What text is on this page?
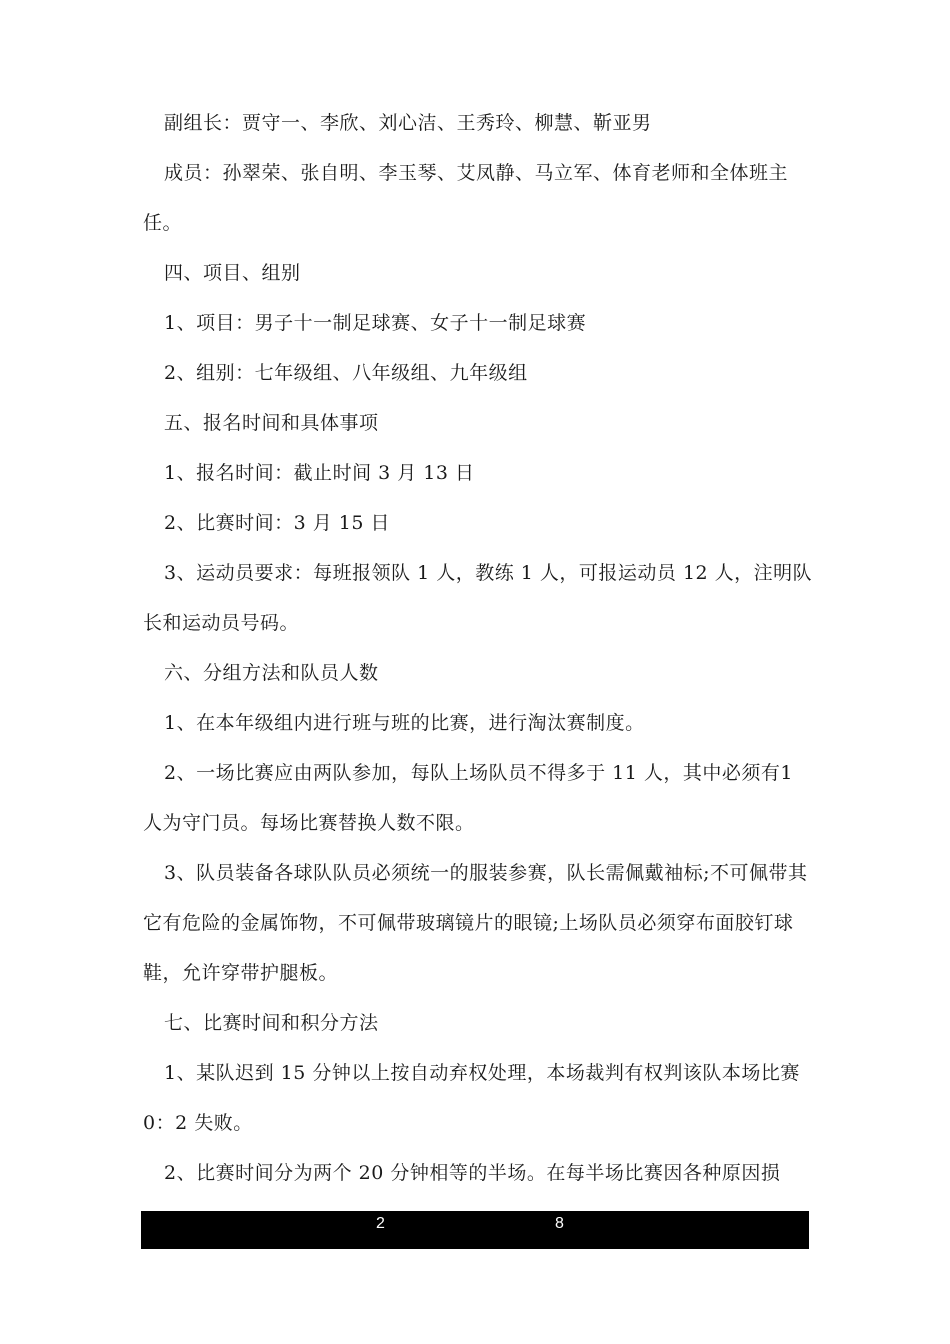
副组长：贾守一、李欣、刘心洁、王秀玲、柳慧、靳亚男

成员：孙翠荣、张自明、李玉琴、艾凤静、马立军、体育老师和全体班主任。

四、项目、组别

1、项目：男子十一制足球赛、女子十一制足球赛

2、组别：七年级组、八年级组、九年级组

五、报名时间和具体事项

1、报名时间：截止时间 3 月 13 日

2、比赛时间：3 月 15 日

3、运动员要求：每班报领队 1 人，教练 1 人，可报运动员 12 人，注明队长和运动员号码。

六、分组方法和队员人数

1、在本年级组内进行班与班的比赛，进行淘汰赛制度。

2、一场比赛应由两队参加，每队上场队员不得多于 11 人，其中必须有1 人为守门员。每场比赛替换人数不限。

3、队员装备各球队队员必须统一的服装参赛，队长需佩戴袖标;不可佩带其它有危险的金属饰物，不可佩带玻璃镜片的眼镜;上场队员必须穿布面胶钉球鞋，允许穿带护腿板。

七、比赛时间和积分方法

1、某队迟到 15 分钟以上按自动弃权处理，本场裁判有权判该队本场比赛 0：2 失败。

2、比赛时间分为两个 20 分钟相等的半场。在每半场比赛因各种原因损

2	8
